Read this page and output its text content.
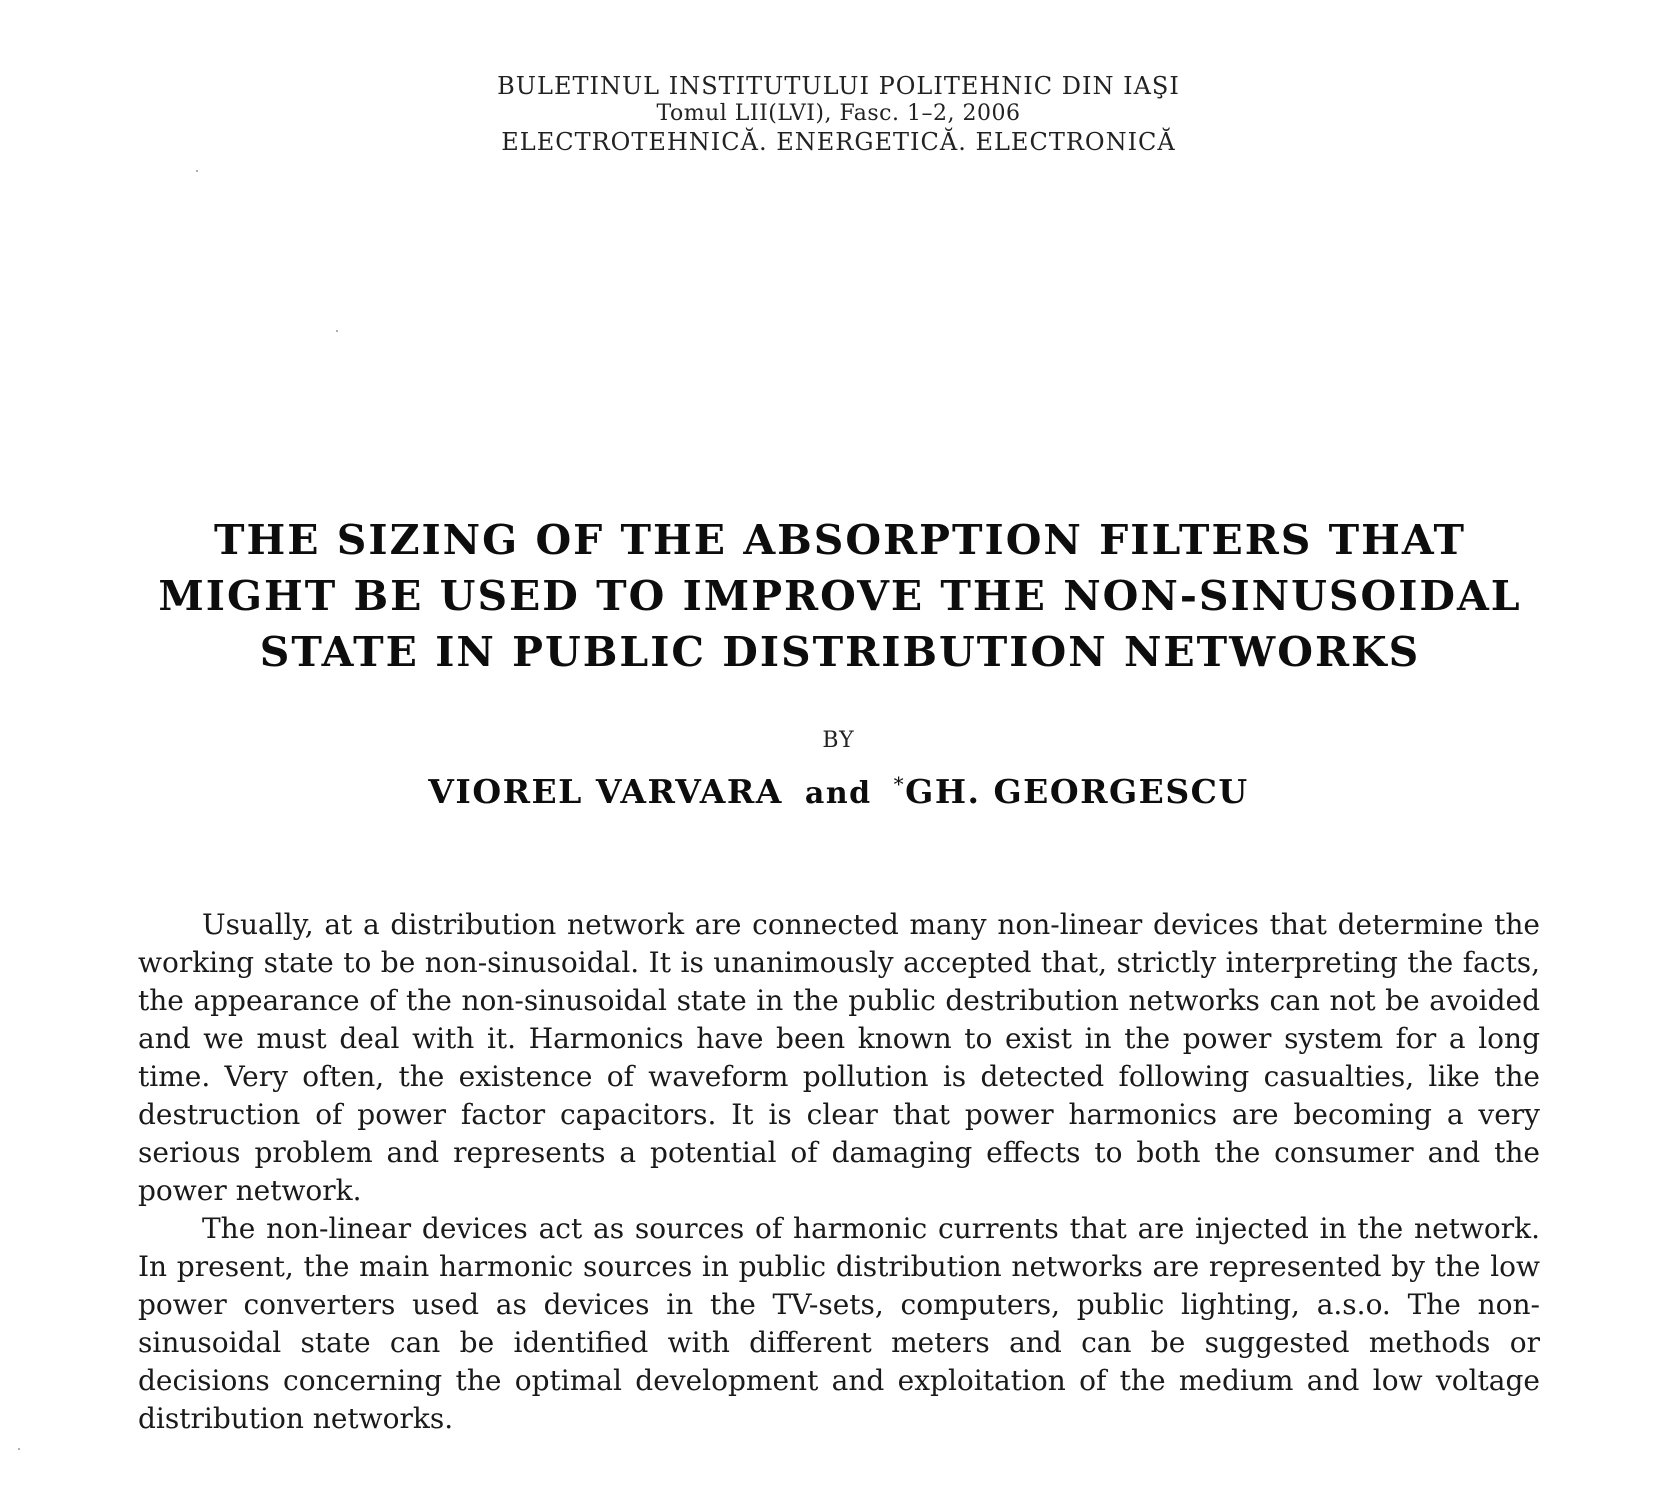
BULETINUL INSTITUTULUI POLITEHNIC DIN IAŞI
Tomul LII(LVI), Fasc. 1–2, 2006
ELECTROTEHNICĂ. ENERGETICĂ. ELECTRONICĂ
THE SIZING OF THE ABSORPTION FILTERS THAT
MIGHT BE USED TO IMPROVE THE NON-SINUSOIDAL
STATE IN PUBLIC DISTRIBUTION NETWORKS
BY
VIOREL VARVARA and *GH. GEORGESCU

Usually, at a distribution network are connected many non-linear devices that determine the working state to be non-sinusoidal. It is unanimously accepted that, strictly interpreting the facts, the appearance of the non-sinusoidal state in the public destribution networks can not be avoided and we must deal with it. Harmonics have been known to exist in the power system for a long time. Very often, the existence of waveform pollution is detected following casualties, like the destruction of power factor capacitors. It is clear that power harmonics are becoming a very serious problem and represents a potential of damaging effects to both the consumer and the power network.

The non-linear devices act as sources of harmonic currents that are injected in the network. In present, the main harmonic sources in public distribution networks are represented by the low power converters used as devices in the TV-sets, computers, public lighting, a.s.o. The non-sinusoidal state can be identified with different meters and can be suggested methods or decisions concerning the optimal development and exploitation of the medium and low voltage distribution networks.
